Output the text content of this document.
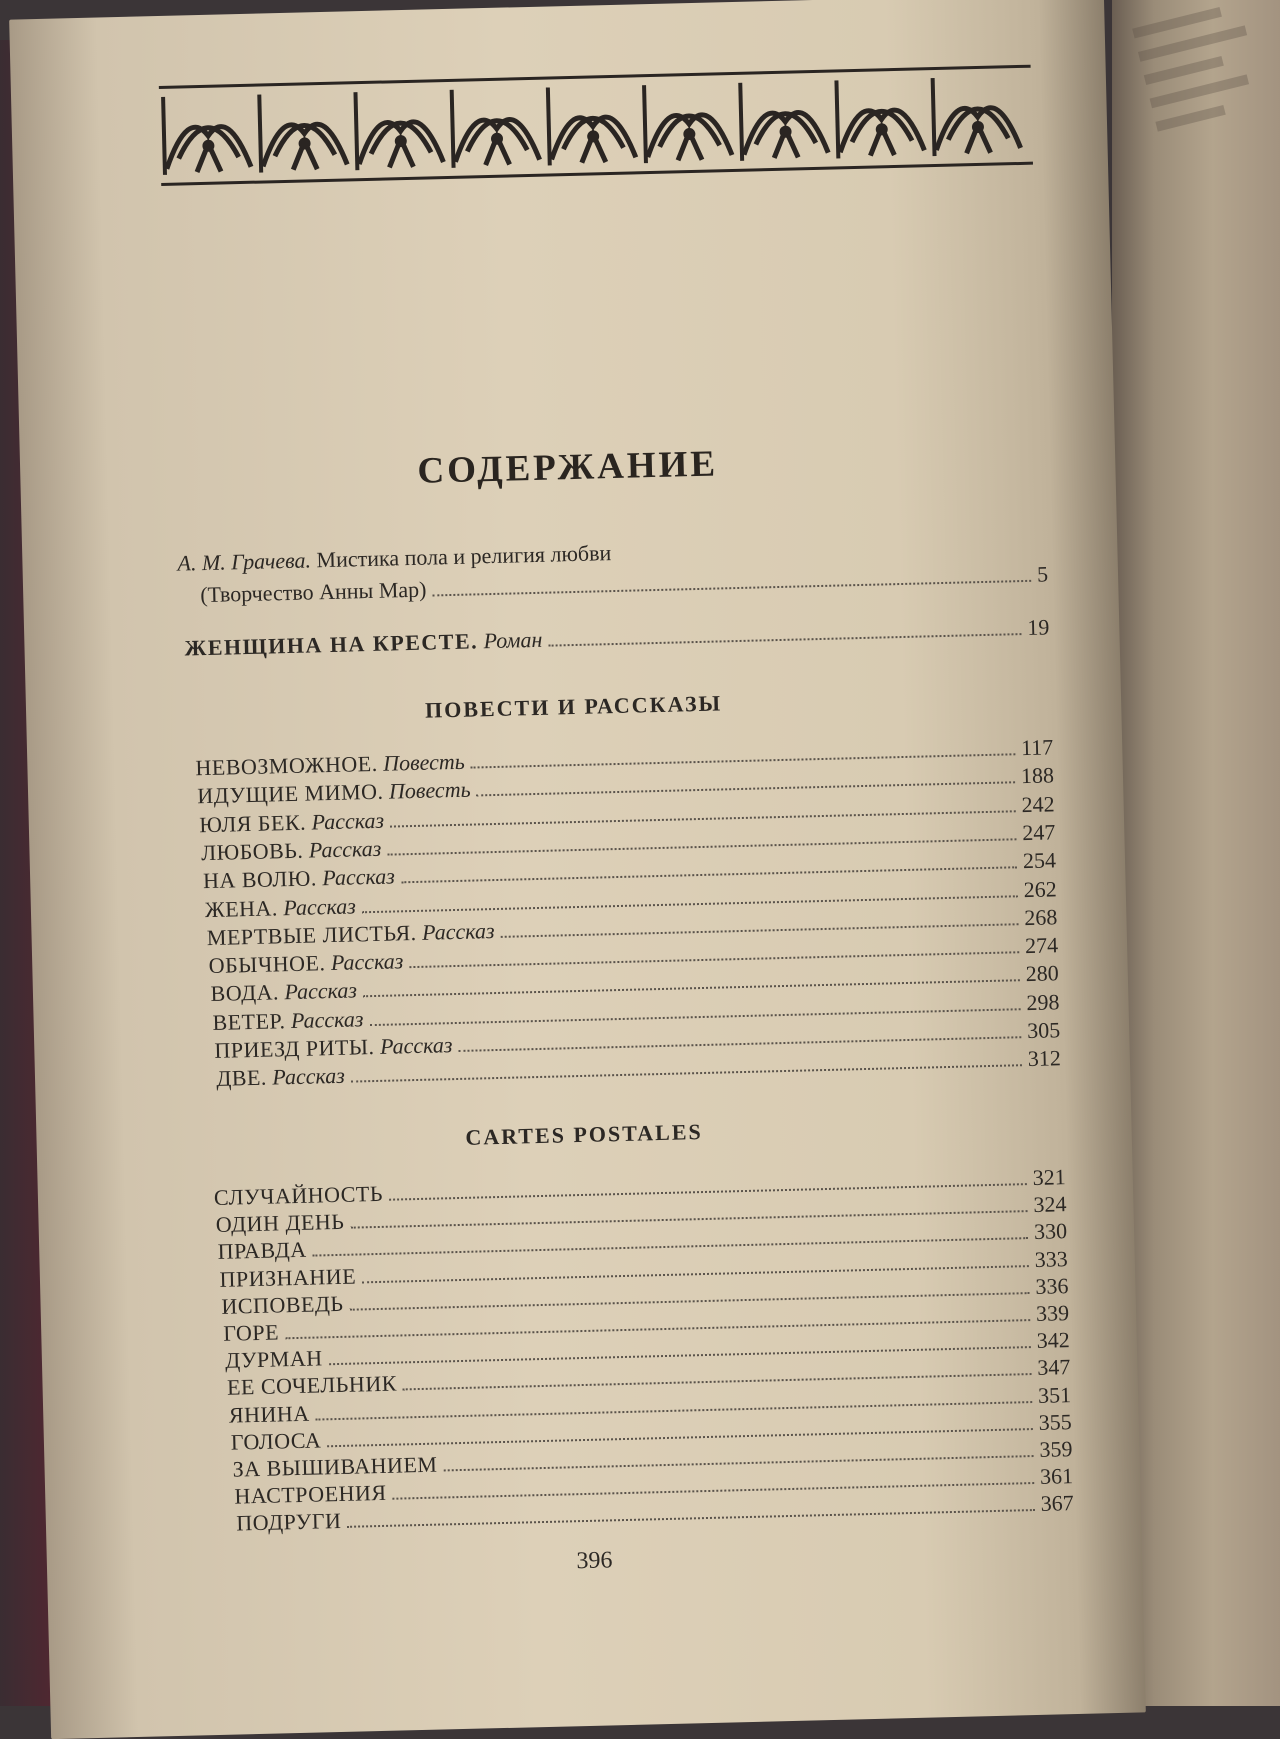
СОДЕРЖАНИЕ
А. М. Грачева. Мистика пола и религия любви
(Творчество Анны Мар)
5
ЖЕНЩИНА НА КРЕСТЕ. Роман	19
ПОВЕСТИ И РАССКАЗЫ
НЕВОЗМОЖНОЕ. Повесть
117
ИДУЩИЕ МИМО. Повесть
188
ЮЛЯ БЕК. Рассказ
242
ЛЮБОВЬ. Рассказ
247
НА ВОЛЮ. Рассказ
254
ЖЕНА. Рассказ
262
МЕРТВЫЕ ЛИСТЬЯ. Рассказ
268
ОБЫЧНОЕ. Рассказ
274
ВОДА. Рассказ
280
ВЕТЕР. Рассказ
298
ПРИЕЗД РИТЫ. Рассказ
305
ДВЕ. Рассказ
312
CARTES POSTALES
СЛУЧАЙНОСТЬ
321
ОДИН ДЕНЬ
324
ПРАВДА
330
ПРИЗНАНИЕ
333
ИСПОВЕДЬ
336
ГОРЕ
339
ДУРМАН
342
ЕЕ СОЧЕЛЬНИК
347
ЯНИНА
351
ГОЛОСА
355
ЗА ВЫШИВАНИЕМ
359
НАСТРОЕНИЯ
361
ПОДРУГИ
367
396
